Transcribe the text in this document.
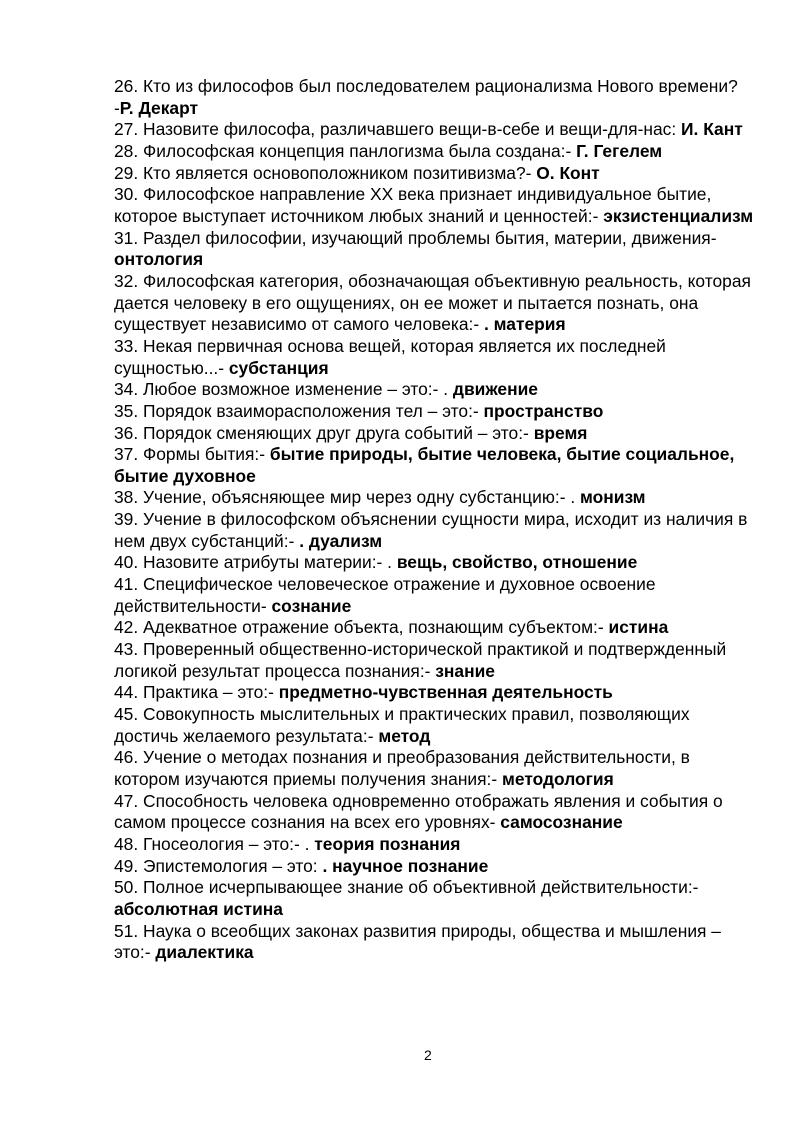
26. Кто из философов был последователем рационализма Нового времени? -Р. Декарт

27. Назовите философа, различавшего вещи-в-себе и вещи-для-нас: И. Кант

28. Философская концепция панлогизма была создана:- Г. Гегелем

29. Кто является основоположником позитивизма?- О. Конт

30. Философское направление XX века признает индивидуальное бытие, которое выступает источником любых знаний и ценностей:- экзистенциализм

31. Раздел философии, изучающий проблемы бытия, материи, движения- онтология

32. Философская категория, обозначающая объективную реальность, которая дается человеку в его ощущениях, он ее может и пытается познать, она существует независимо от самого человека:- . материя

33. Некая первичная основа вещей, которая является их последней сущностью...- субстанция

34. Любое возможное изменение – это:- . движение

35. Порядок взаиморасположения тел – это:- пространство

36. Порядок сменяющих друг друга событий – это:- время

37. Формы бытия:- бытие природы, бытие человека, бытие социальное, бытие духовное

38. Учение, объясняющее мир через одну субстанцию:- . монизм

39. Учение в философском объяснении сущности мира, исходит из наличия в  нем двух субстанций:- . дуализм

40. Назовите атрибуты материи:- . вещь, свойство, отношение

41. Специфическое человеческое отражение и духовное освоение действительности- сознание

42. Адекватное отражение объекта, познающим субъектом:- истина

43. Проверенный общественно-исторической практикой и подтвержденный логикой результат процесса познания:- знание

44. Практика – это:- предметно-чувственная деятельность

45. Совокупность мыслительных и практических правил, позволяющих достичь желаемого результата:- метод

46. Учение о методах познания и преобразования действительности, в котором изучаются приемы получения знания:- методология

47. Способность человека одновременно отображать явления и события о самом процессе сознания на всех его уровнях- самосознание

48. Гносеология – это:- . теория познания

49. Эпистемология – это: . научное познание

50. Полное исчерпывающее знание об объективной действительности:- абсолютная истина

51. Наука о всеобщих законах развития природы, общества и мышления – это:- диалектика

2
